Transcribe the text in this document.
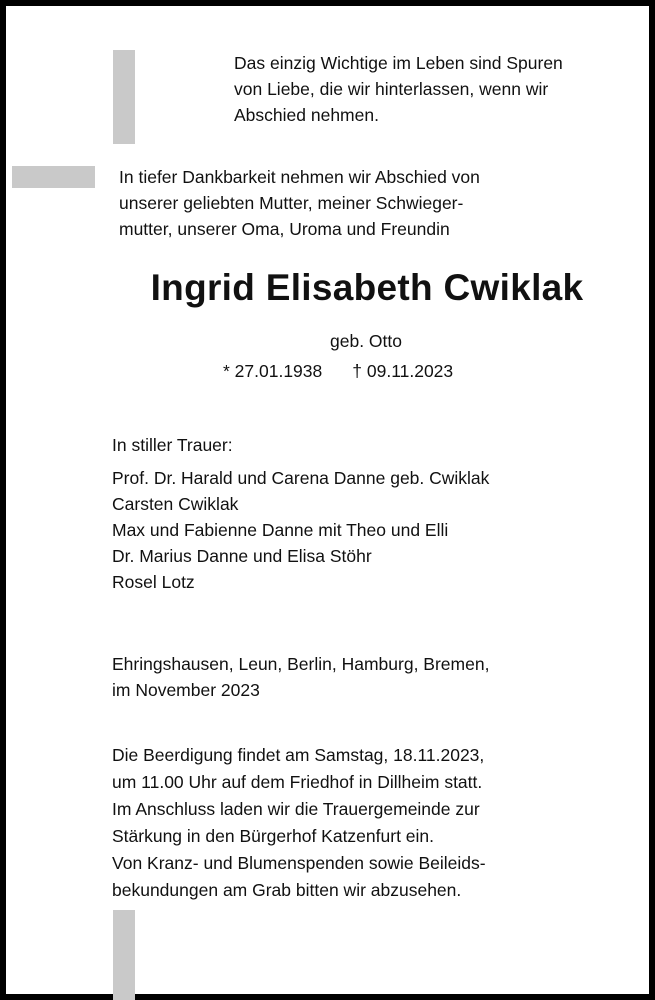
Das einzig Wichtige im Leben sind Spuren
von Liebe, die wir hinterlassen, wenn wir
Abschied nehmen.
In tiefer Dankbarkeit nehmen wir Abschied von
unserer geliebten Mutter, meiner Schwieger-
mutter, unserer Oma, Uroma und Freundin
Ingrid Elisabeth Cwiklak
geb. Otto
* 27.01.1938 † 09.11.2023
In stiller Trauer:
Prof. Dr. Harald und Carena Danne geb. Cwiklak
Carsten Cwiklak
Max und Fabienne Danne mit Theo und Elli
Dr. Marius Danne und Elisa Stöhr
Rosel Lotz
Ehringshausen, Leun, Berlin, Hamburg, Bremen,
im November 2023
Die Beerdigung findet am Samstag, 18.11.2023,
um 11.00 Uhr auf dem Friedhof in Dillheim statt.
Im Anschluss laden wir die Trauergemeinde zur
Stärkung in den Bürgerhof Katzenfurt ein.
Von Kranz- und Blumenspenden sowie Beileids-
bekundungen am Grab bitten wir abzusehen.
